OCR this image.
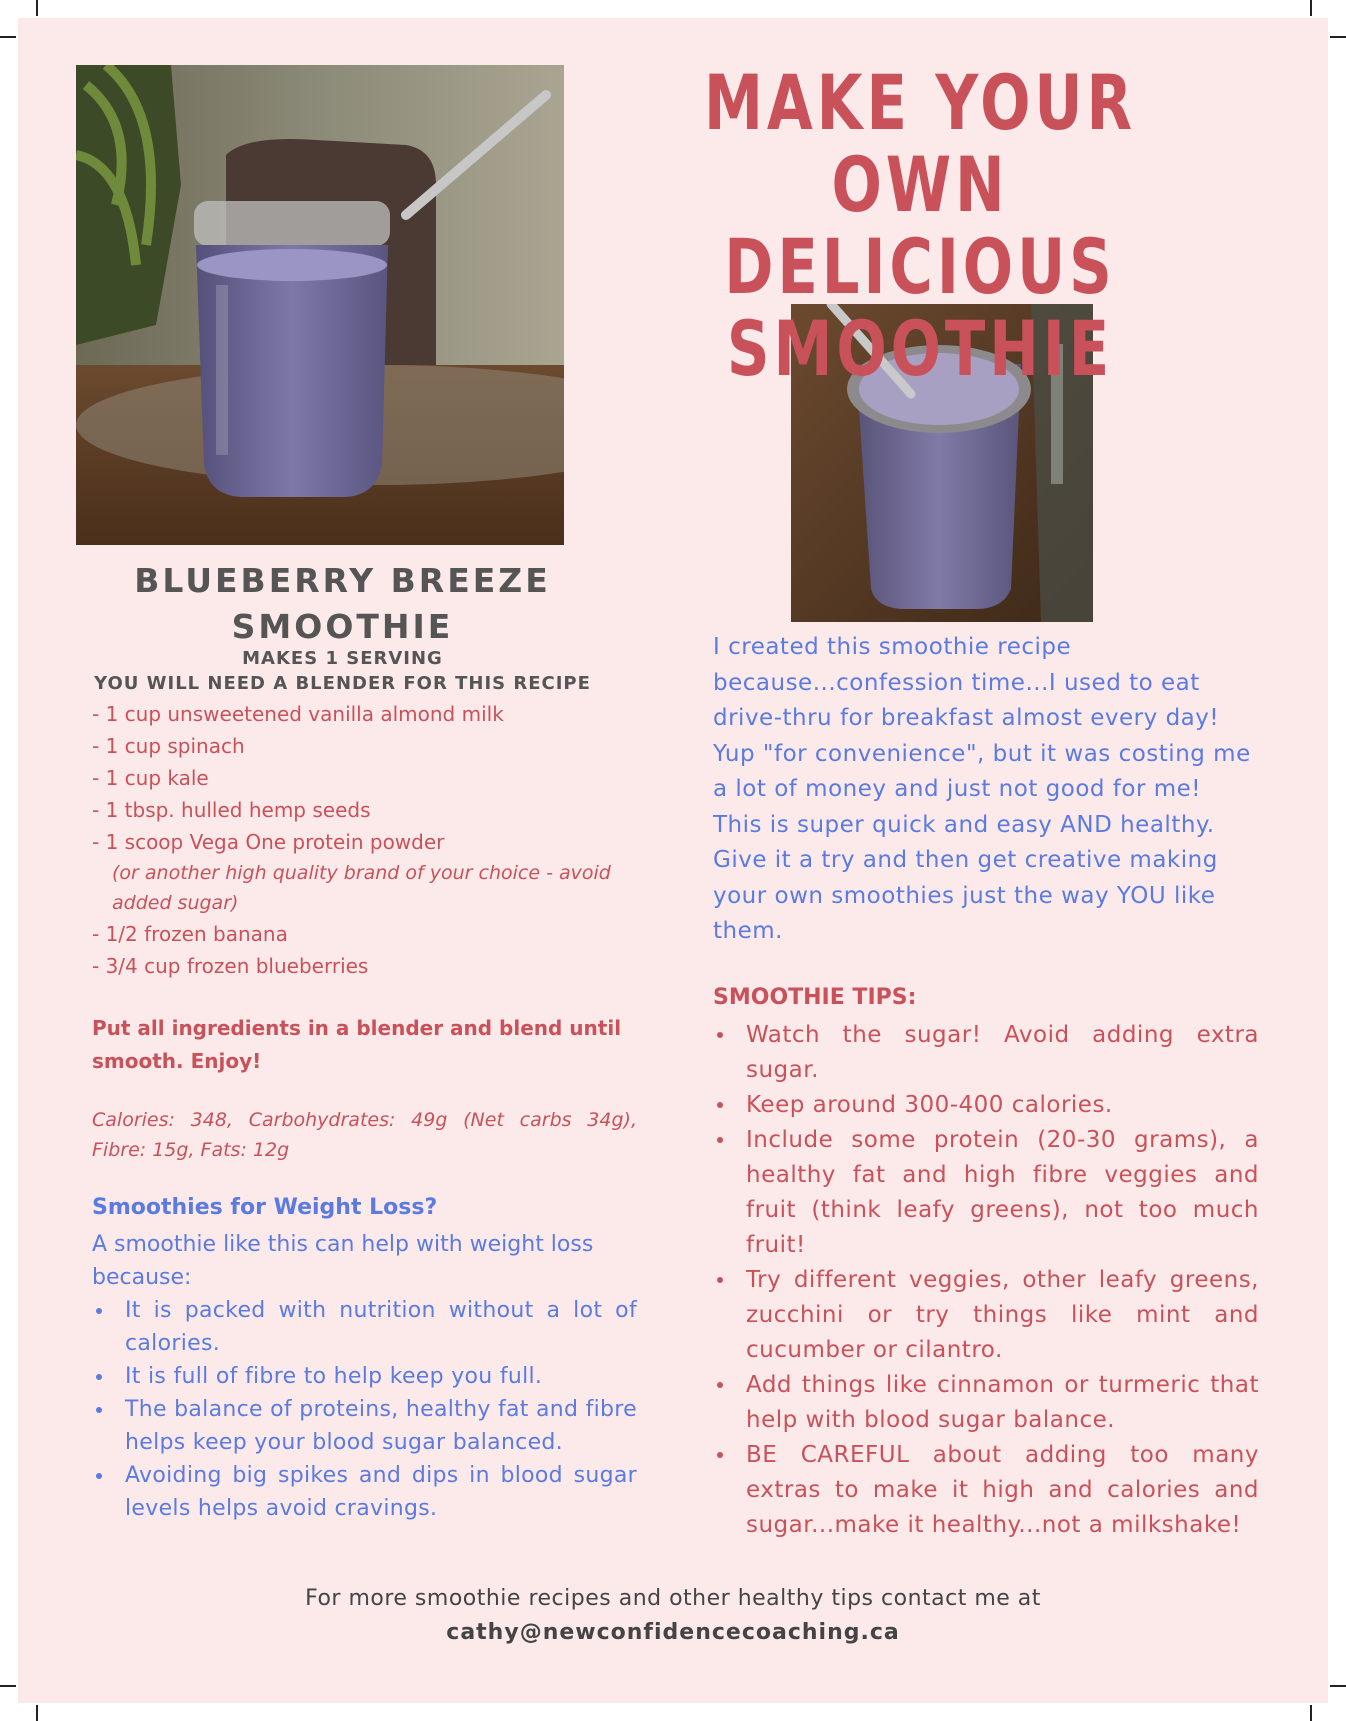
MAKE YOUR OWN DELICIOUS SMOOTHIE
BLUEBERRY BREEZE SMOOTHIE
MAKES 1 SERVING
YOU WILL NEED A BLENDER FOR THIS RECIPE
- 1 cup unsweetened vanilla almond milk
- 1 cup spinach
- 1 cup kale
- 1 tbsp. hulled hemp seeds
- 1 scoop Vega One protein powder
(or another high quality brand of your choice - avoid added sugar)
- 1/2 frozen banana
- 3/4 cup frozen blueberries

Put all ingredients in a blender and blend until smooth. Enjoy!

Calories: 348, Carbohydrates: 49g (Net carbs 34g), Fibre: 15g, Fats: 12g

Smoothies for Weight Loss?

A smoothie like this can help with weight loss because:

It is packed with nutrition without a lot of calories.
It is full of fibre to help keep you full.
The balance of proteins, healthy fat and fibre helps keep your blood sugar balanced.
Avoiding big spikes and dips in blood sugar levels helps avoid cravings.

I created this smoothie recipe because...confession time...I used to eat drive-thru for breakfast almost every day! Yup "for convenience", but it was costing me a lot of money and just not good for me! This is super quick and easy AND healthy. Give it a try and then get creative making your own smoothies just the way YOU like them.

SMOOTHIE TIPS:
Watch the sugar! Avoid adding extra sugar.
Keep around 300-400 calories.
Include some protein (20-30 grams), a healthy fat and high fibre veggies and fruit (think leafy greens), not too much fruit!
Try different veggies, other leafy greens, zucchini or try things like mint and cucumber or cilantro.
Add things like cinnamon or turmeric that help with blood sugar balance.
BE CAREFUL about adding too many extras to make it high and calories and sugar...make it healthy...not a milkshake!

For more smoothie recipes and other healthy tips contact me at

cathy@newconfidencecoaching.ca
